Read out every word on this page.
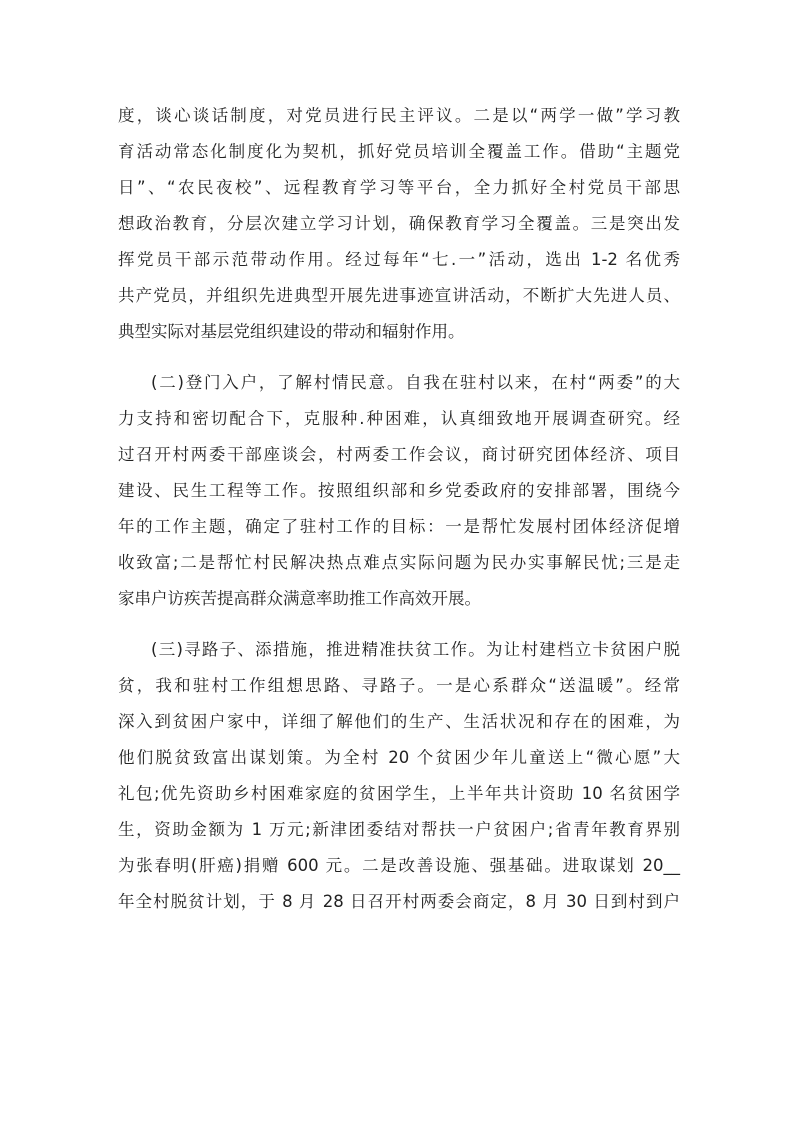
度，谈心谈话制度，对党员进行民主评议。二是以“两学一做”学习教
育活动常态化制度化为契机，抓好党员培训全覆盖工作。借助“主题党
日”、“农民夜校”、远程教育学习等平台，全力抓好全村党员干部思
想政治教育，分层次建立学习计划，确保教育学习全覆盖。三是突出发
挥党员干部示范带动作用。经过每年“七.一”活动，选出 1-2 名优秀
共产党员，并组织先进典型开展先进事迹宣讲活动，不断扩大先进人员、
典型实际对基层党组织建设的带动和辐射作用。
(二)登门入户，了解村情民意。自我在驻村以来，在村“两委”的大
力支持和密切配合下，克服种.种困难，认真细致地开展调查研究。经
过召开村两委干部座谈会，村两委工作会议，商讨研究团体经济、项目
建设、民生工程等工作。按照组织部和乡党委政府的安排部署，围绕今
年的工作主题，确定了驻村工作的目标：一是帮忙发展村团体经济促增
收致富;二是帮忙村民解决热点难点实际问题为民办实事解民忧;三是走
家串户访疾苦提高群众满意率助推工作高效开展。
(三)寻路子、添措施，推进精准扶贫工作。为让村建档立卡贫困户脱
贫，我和驻村工作组想思路、寻路子。一是心系群众“送温暖”。经常
深入到贫困户家中，详细了解他们的生产、生活状况和存在的困难，为
他们脱贫致富出谋划策。为全村 20 个贫困少年儿童送上“微心愿”大
礼包;优先资助乡村困难家庭的贫困学生，上半年共计资助 10 名贫困学
生，资助金额为 1 万元;新津团委结对帮扶一户贫困户;省青年教育界别
为张春明(肝癌)捐赠 600 元。二是改善设施、强基础。进取谋划 20__
年全村脱贫计划，于 8 月 28 日召开村两委会商定，8 月 30 日到村到户
